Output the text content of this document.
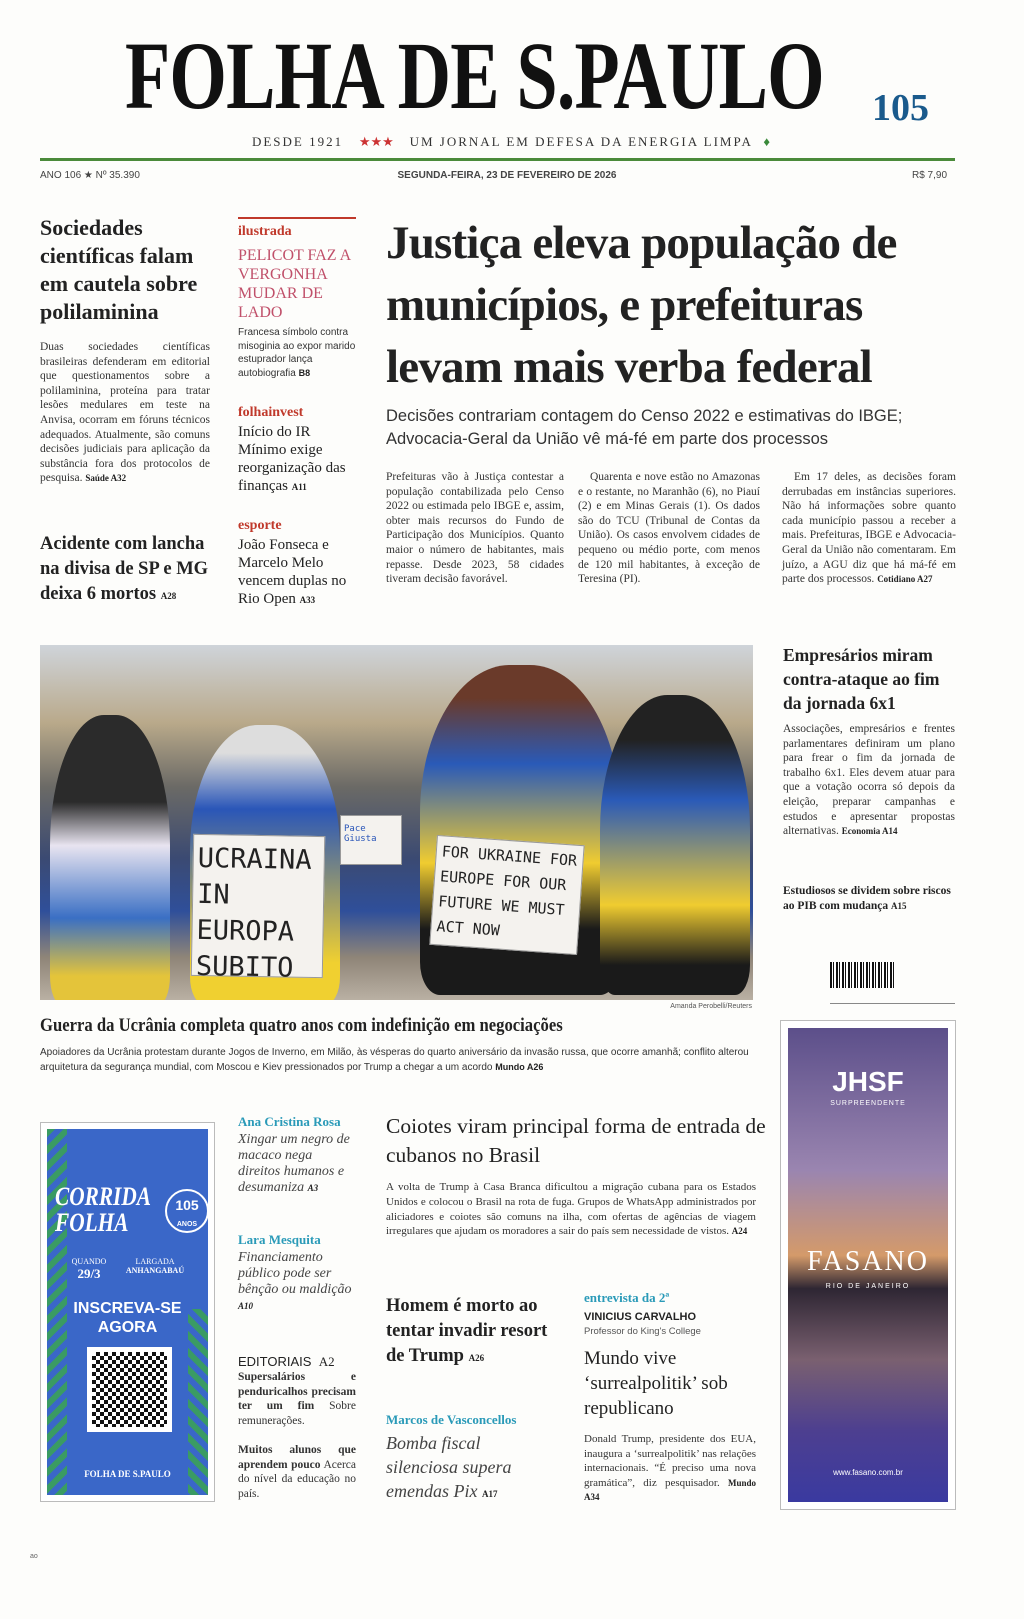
FOLHA DE S.PAULO 105
DESDE 1921 ★★★ UM JORNAL EM DEFESA DA ENERGIA LIMPA ♦
ANO 106 ★ Nº 35.390	SEGUNDA-FEIRA, 23 DE FEVEREIRO DE 2026	R$ 7,90
Sociedades científicas falam em cautela sobre polilaminina

Duas sociedades científicas brasileiras defenderam em editorial que questionamentos sobre a polilaminina, proteína para tratar lesões medulares em teste na Anvisa, ocorram em fóruns técnicos adequados. Atualmente, são comuns decisões judiciais para aplicação da substância fora dos protocolos de pesquisa. Saúde A32

Acidente com lancha na divisa de SP e MG deixa 6 mortos A28
ilustrada
PELICOT FAZ A VERGONHA MUDAR DE LADO
Francesa símbolo contra misoginia ao expor marido estuprador lança autobiografia B8
folhainvest
Início do IR Mínimo exige reorganização das finanças A11
esporte
João Fonseca e Marcelo Melo vencem duplas no Rio Open A33
Justiça eleva população de municípios, e prefeituras levam mais verba federal
Decisões contrariam contagem do Censo 2022 e estimativas do IBGE; Advocacia-Geral da União vê má-fé em parte dos processos

Prefeituras vão à Justiça contestar a população contabilizada pelo Censo 2022 ou estimada pelo IBGE e, assim, obter mais recursos do Fundo de Participação dos Municípios. Quanto maior o número de habitantes, mais repasse. Desde 2023, 58 cidades tiveram decisão favorável.

Quarenta e nove estão no Amazonas e o restante, no Maranhão (6), no Piauí (2) e em Minas Gerais (1). Os dados são do TCU (Tribunal de Contas da União). Os casos envolvem cidades de pequeno ou médio porte, com menos de 120 mil habitantes, à exceção de Teresina (PI).

Em 17 deles, as decisões foram derrubadas em instâncias superiores. Não há informações sobre quanto cada município passou a receber a mais. Prefeituras, IBGE e Advocacia-Geral da União não comentaram. Em juízo, a AGU diz que há má-fé em parte dos processos. Cotidiano A27

UCRAINA IN EUROPA SUBITO
FOR UKRAINE FOR EUROPE FOR OUR FUTURE WE MUST ACT NOW
Pace Giusta
Amanda Perobelli/Reuters
Guerra da Ucrânia completa quatro anos com indefinição em negociações

Apoiadores da Ucrânia protestam durante Jogos de Inverno, em Milão, às vésperas do quarto aniversário da invasão russa, que ocorre amanhã; conflito alterou arquitetura da segurança mundial, com Moscou e Kiev pressionados por Trump a chegar a um acordo Mundo A26

Empresários miram contra-ataque ao fim da jornada 6x1

Associações, empresários e frentes parlamentares definiram um plano para frear o fim da jornada de trabalho 6x1. Eles devem atuar para que a votação ocorra só depois da eleição, preparar campanhas e estudos e apresentar propostas alternativas. Economia A14

Estudiosos se dividem sobre riscos ao PIB com mudança A15
CORRIDA
FOLHA
105
ANOS
QUANDO
29/3
LARGADA
ANHANGABAÚ
INSCREVA-SE AGORA
FOLHA DE S.PAULO
Ana Cristina Rosa
Xingar um negro de macaco nega direitos humanos e desumaniza A3
Lara Mesquita
Financiamento público pode ser bênção ou maldição A10
EDITORIAIS A2

Supersalários e penduricalhos precisam ter um fim Sobre remunerações.

Muitos alunos que aprendem pouco Acerca do nível da educação no país.

Coiotes viram principal forma de entrada de cubanos no Brasil

A volta de Trump à Casa Branca dificultou a migração cubana para os Estados Unidos e colocou o Brasil na rota de fuga. Grupos de WhatsApp administrados por aliciadores e coiotes são comuns na ilha, com ofertas de agências de viagem irregulares que ajudam os moradores a sair do país sem necessidade de vistos. A24

Homem é morto ao tentar invadir resort de Trump A26
Marcos de Vasconcellos
Bomba fiscal silenciosa supera emendas Pix A17
entrevista da 2ª
VINICIUS CARVALHO
Professor do King's College
Mundo vive ‘surrealpolitik’ sob republicano

Donald Trump, presidente dos EUA, inaugura a ‘surrealpolitik’ nas relações internacionais. “É preciso uma nova gramática”, diz pesquisador. Mundo A34

JHSF
SURPREENDENTE
FASANO
RIO DE JANEIRO
www.fasano.com.br
ao
